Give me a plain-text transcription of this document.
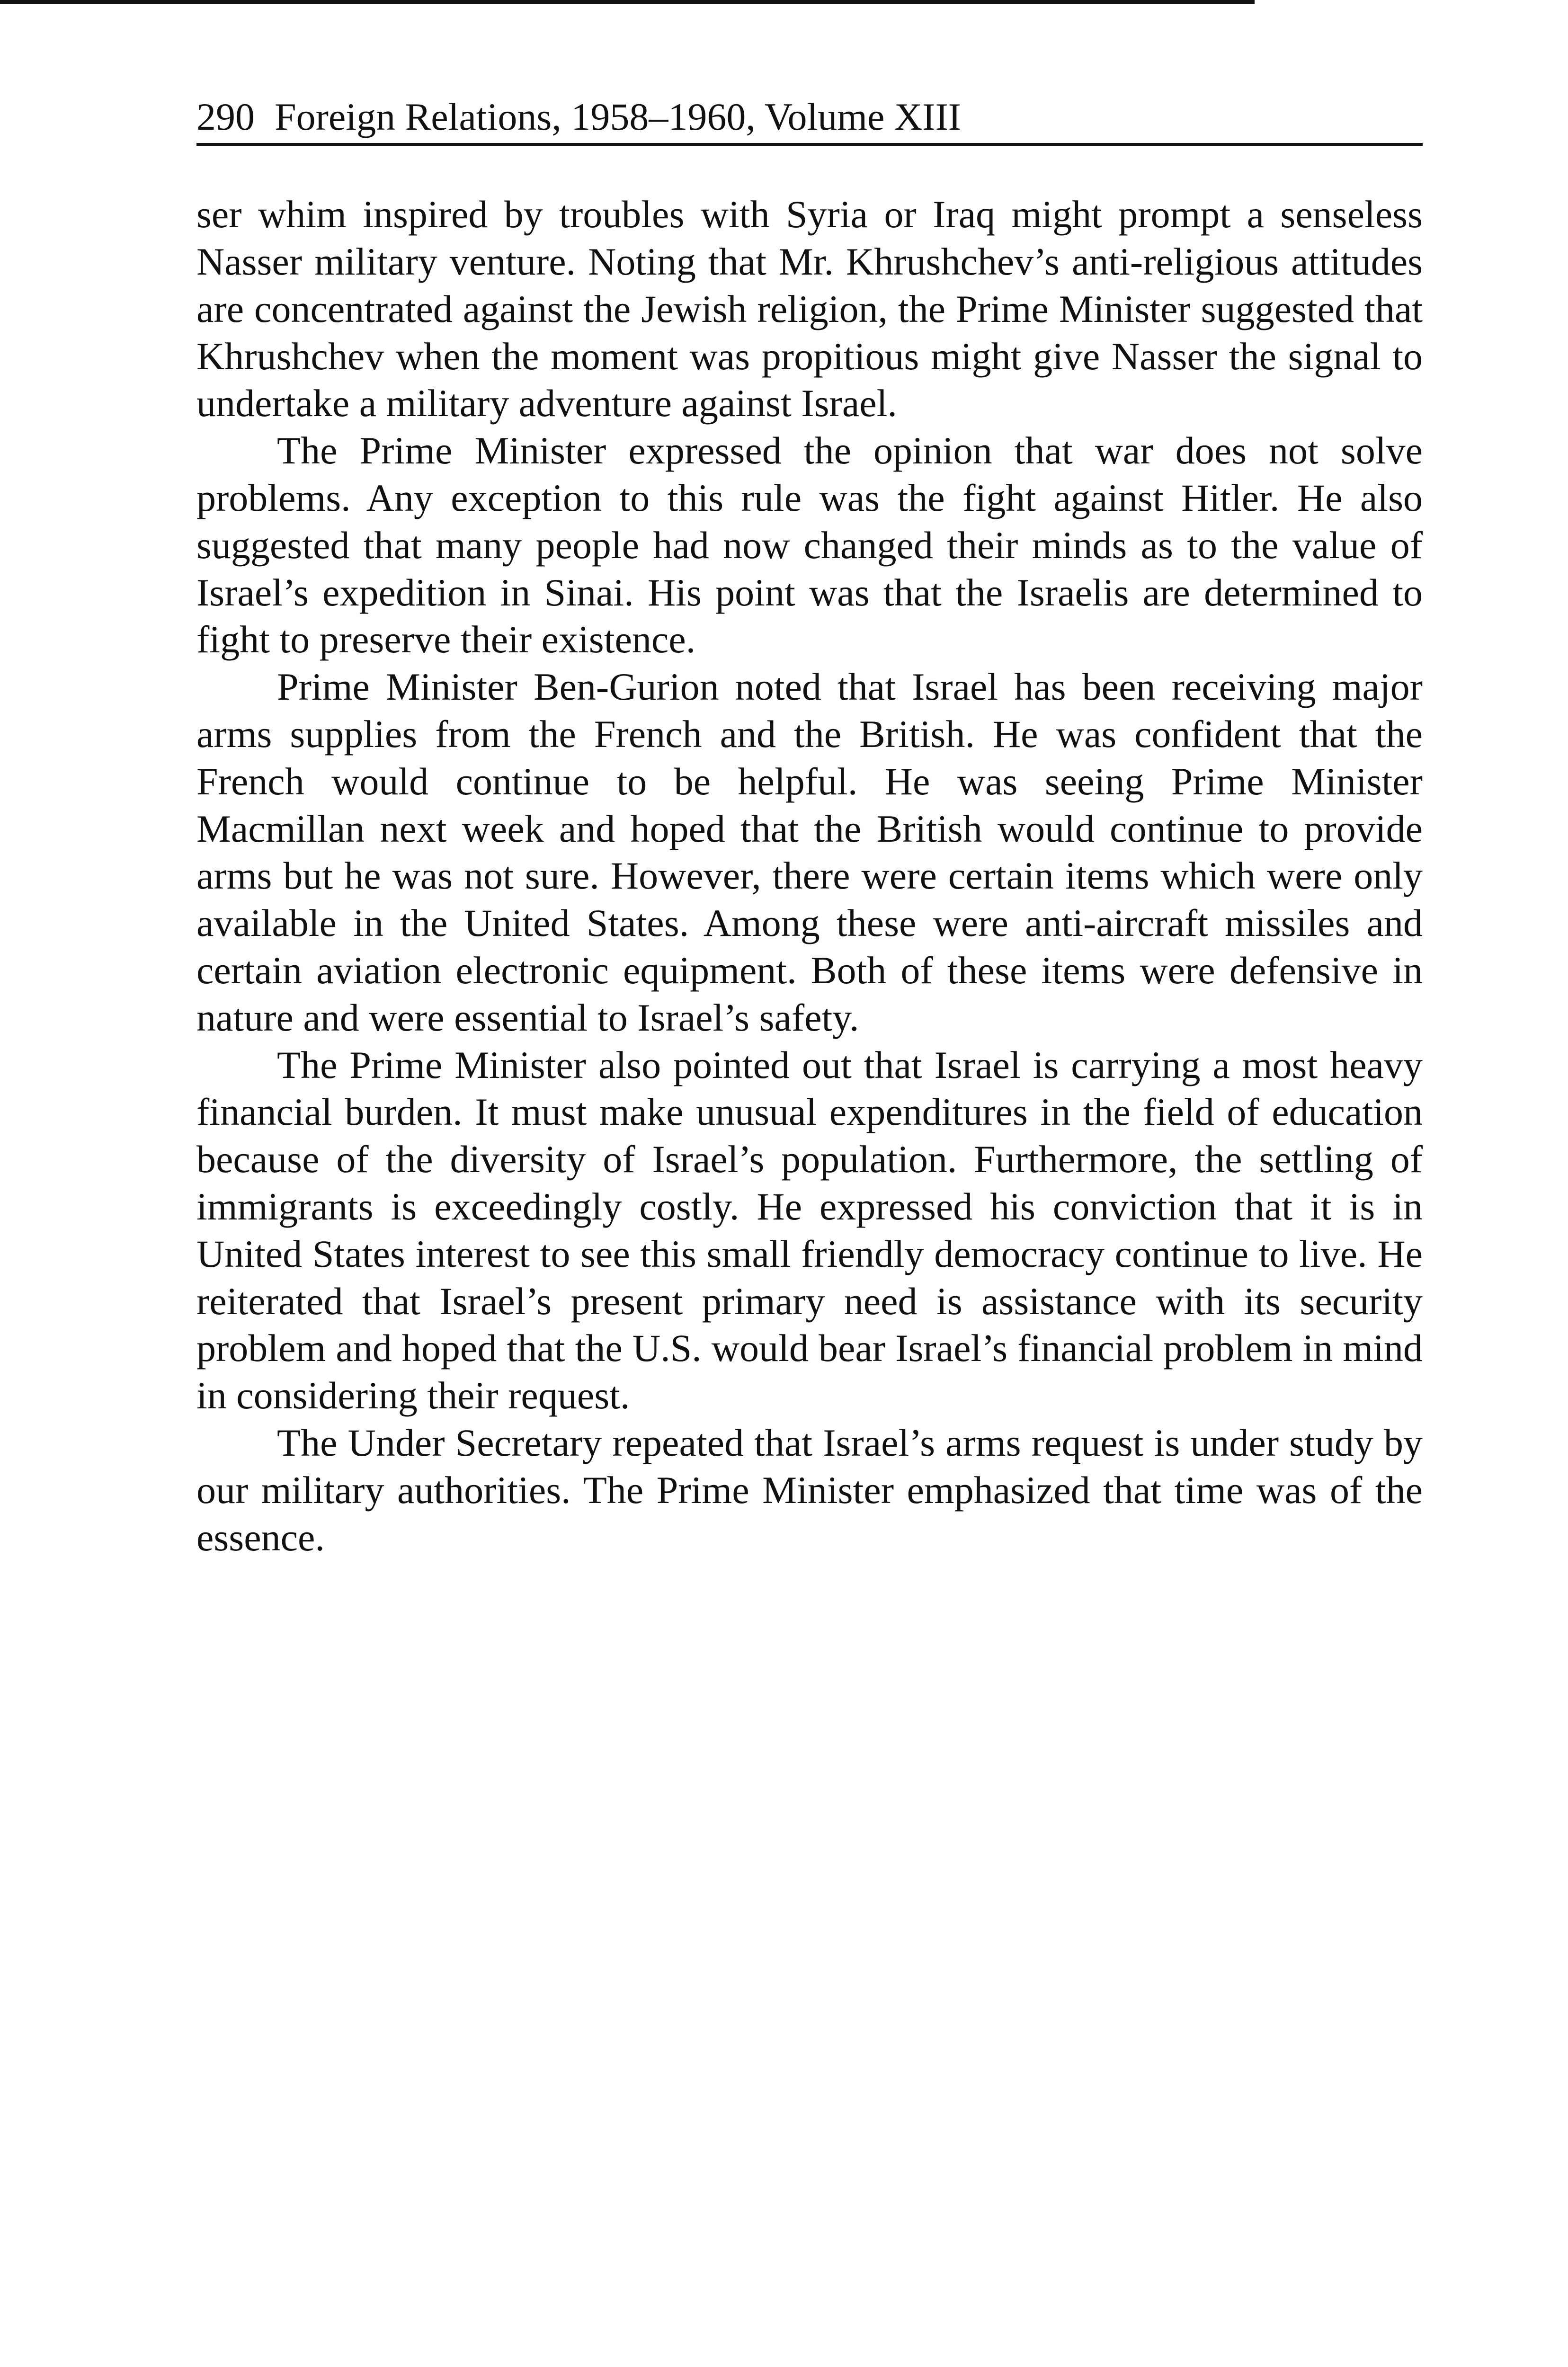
290 Foreign Relations, 1958–1960, Volume XIII

ser whim inspired by troubles with Syria or Iraq might prompt a senseless Nasser military venture. Noting that Mr. Khrushchev’s anti-religious attitudes are concentrated against the Jewish religion, the Prime Minister suggested that Khrushchev when the moment was propitious might give Nasser the signal to undertake a military adventure against Israel.

The Prime Minister expressed the opinion that war does not solve problems. Any exception to this rule was the fight against Hitler. He also suggested that many people had now changed their minds as to the value of Israel’s expedition in Sinai. His point was that the Israelis are determined to fight to preserve their existence.

Prime Minister Ben-Gurion noted that Israel has been receiving major arms supplies from the French and the British. He was confident that the French would continue to be helpful. He was seeing Prime Minister Macmillan next week and hoped that the British would continue to provide arms but he was not sure. However, there were certain items which were only available in the United States. Among these were anti-aircraft missiles and certain aviation electronic equipment. Both of these items were defensive in nature and were essential to Israel’s safety.

The Prime Minister also pointed out that Israel is carrying a most heavy financial burden. It must make unusual expenditures in the field of education because of the diversity of Israel’s population. Furthermore, the settling of immigrants is exceedingly costly. He expressed his conviction that it is in United States interest to see this small friendly democracy continue to live. He reiterated that Israel’s present primary need is assistance with its security problem and hoped that the U.S. would bear Israel’s financial problem in mind in considering their request.

The Under Secretary repeated that Israel’s arms request is under study by our military authorities. The Prime Minister emphasized that time was of the essence.
